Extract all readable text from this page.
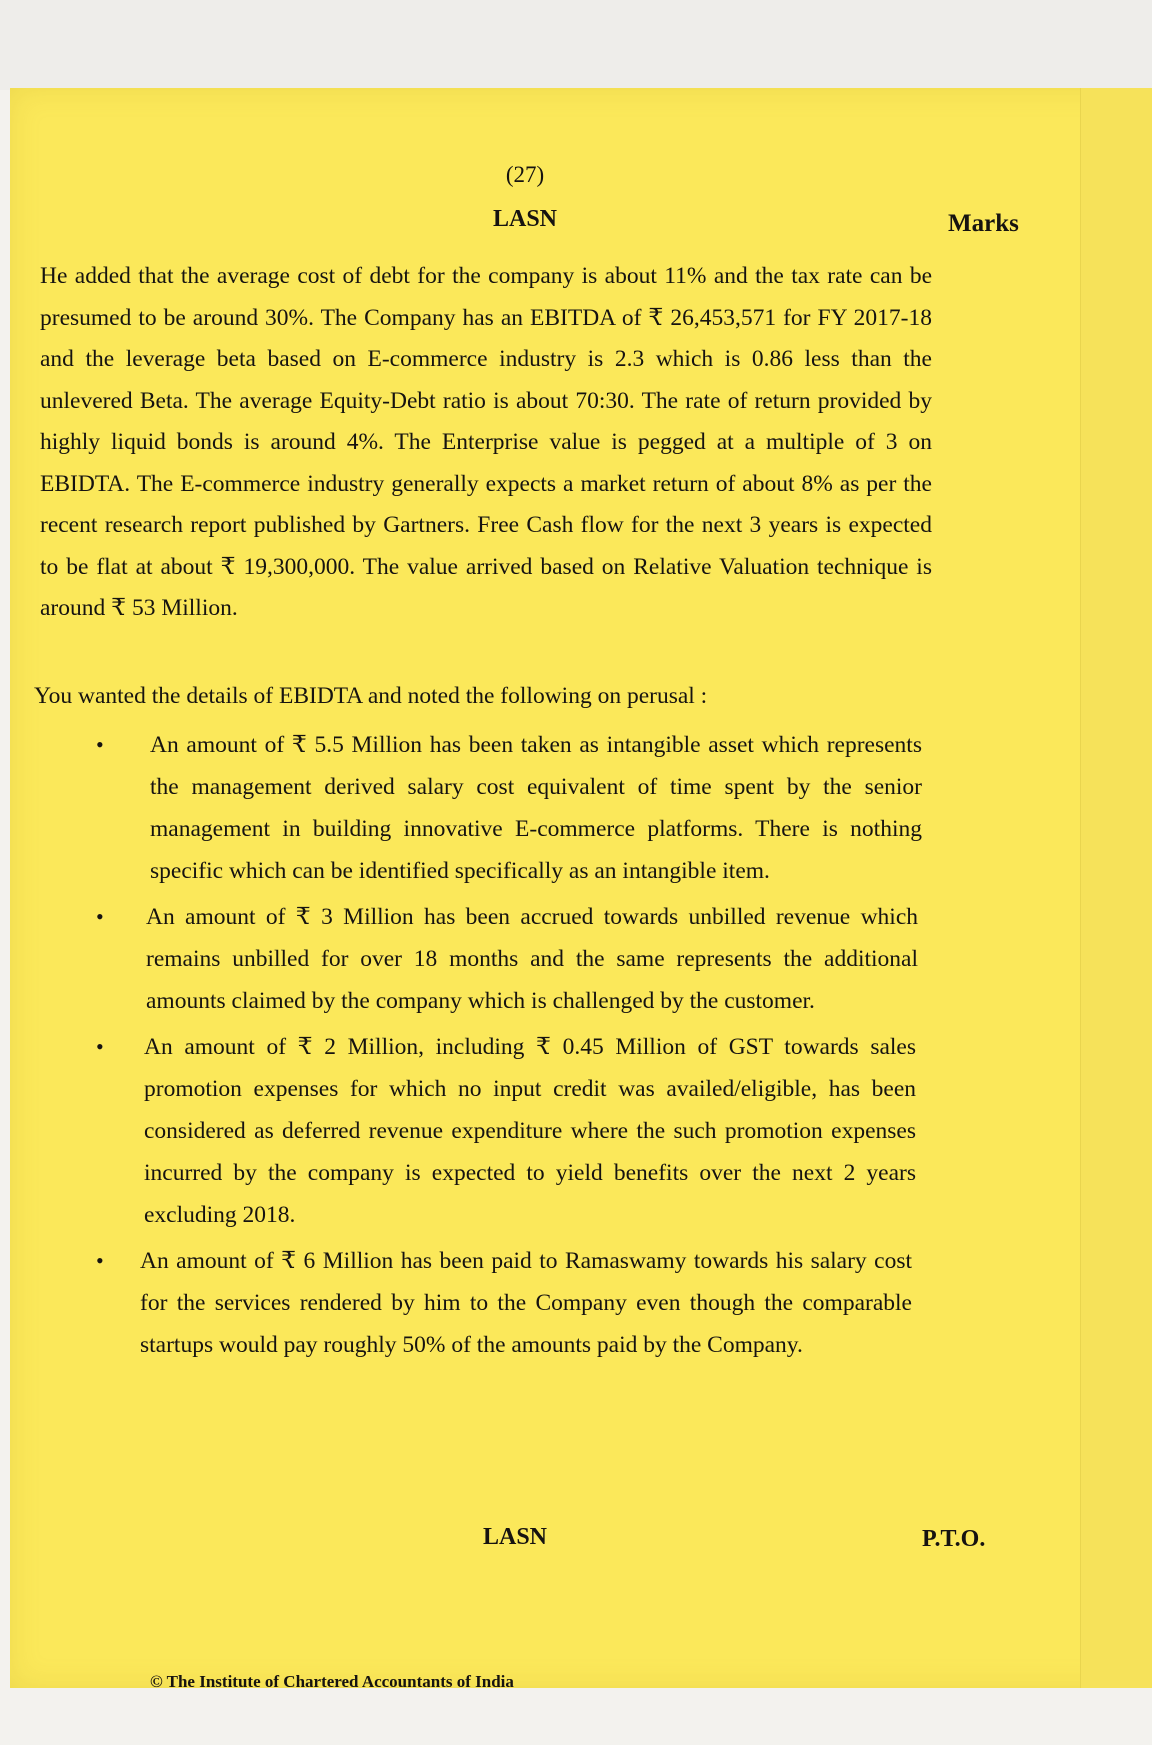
(27)
LASN	Marks

He added that the average cost of debt for the company is about 11% and the tax rate can be presumed to be around 30%. The Company has an EBITDA of ₹ 26,453,571 for FY 2017-18 and the leverage beta based on E-commerce industry is 2.3 which is 0.86 less than the unlevered Beta. The average Equity-Debt ratio is about 70:30. The rate of return provided by highly liquid bonds is around 4%. The Enterprise value is pegged at a multiple of 3 on EBIDTA. The E-commerce industry generally expects a market return of about 8% as per the recent research report published by Gartners. Free Cash flow for the next 3 years is expected to be flat at about ₹ 19,300,000. The value arrived based on Relative Valuation technique is around ₹ 53 Million.

You wanted the details of EBIDTA and noted the following on perusal :

• An amount of ₹ 5.5 Million has been taken as intangible asset which represents the management derived salary cost equivalent of time spent by the senior management in building innovative E-commerce platforms. There is nothing specific which can be identified specifically as an intangible item.
• An amount of ₹ 3 Million has been accrued towards unbilled revenue which remains unbilled for over 18 months and the same represents the additional amounts claimed by the company which is challenged by the customer.
• An amount of ₹ 2 Million, including ₹ 0.45 Million of GST towards sales promotion expenses for which no input credit was availed/eligible, has been considered as deferred revenue expenditure where the such promotion expenses incurred by the company is expected to yield benefits over the next 2 years excluding 2018.
• An amount of ₹ 6 Million has been paid to Ramaswamy towards his salary cost for the services rendered by him to the Company even though the comparable startups would pay roughly 50% of the amounts paid by the Company.
LASN	P.T.O.
© The Institute of Chartered Accountants of India
